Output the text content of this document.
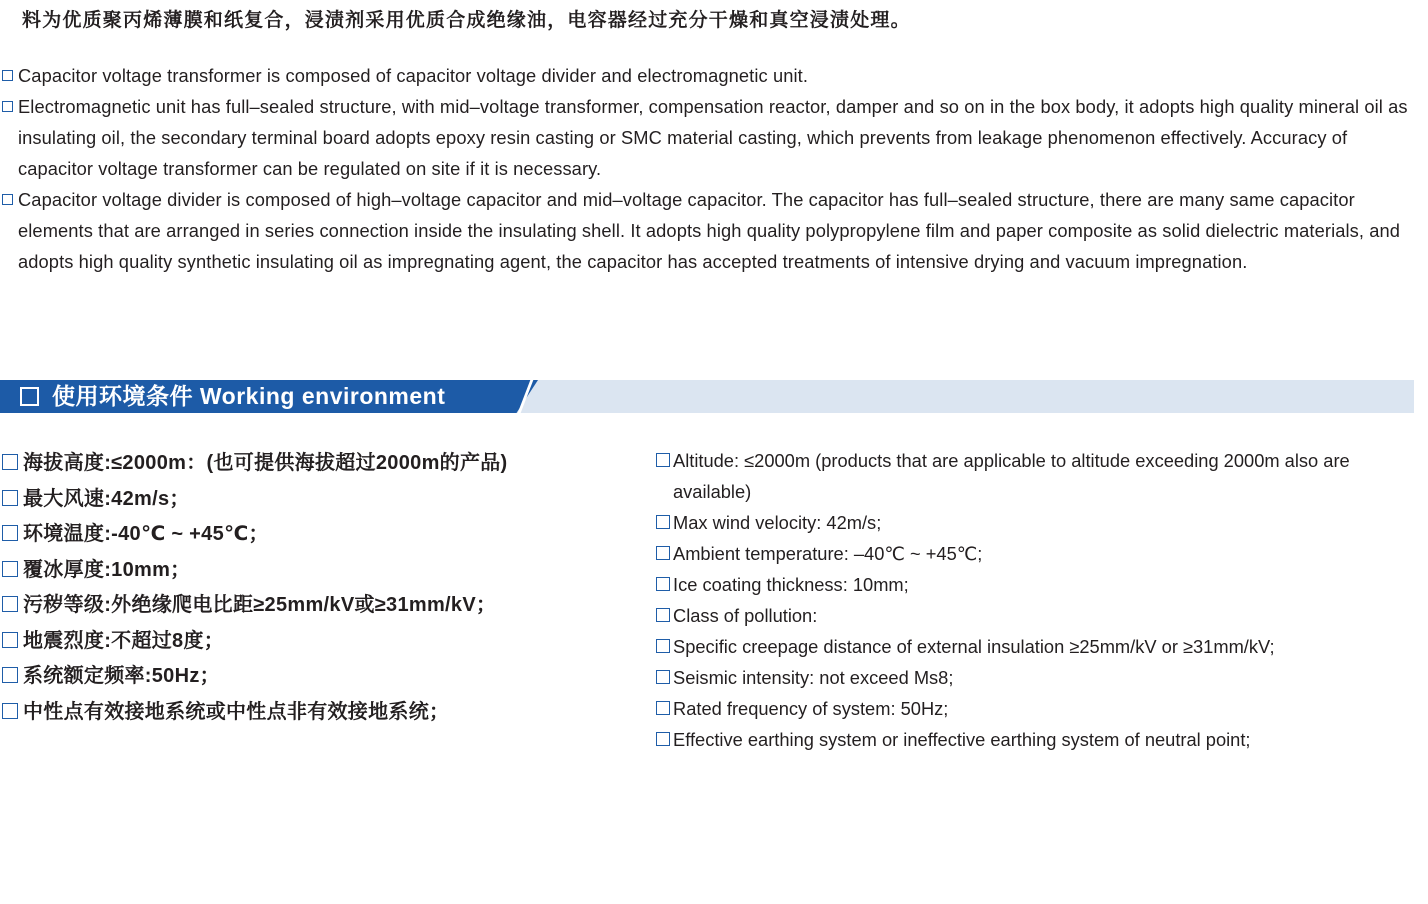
料为优质聚丙烯薄膜和纸复合，浸渍剂采用优质合成绝缘油，电容器经过充分干燥和真空浸渍处理。

Capacitor voltage transformer is composed of capacitor voltage divider and electromagnetic unit.

Electromagnetic unit has full–sealed structure, with mid–voltage transformer, compensation reactor, damper and so on in the box body, it adopts high quality mineral oil as insulating oil, the secondary terminal board adopts epoxy resin casting or SMC material casting, which prevents from leakage phenomenon effectively. Accuracy of capacitor voltage transformer can be regulated on site if it is necessary.

Capacitor voltage divider is composed of high–voltage capacitor and mid–voltage capacitor. The capacitor has full–sealed structure, there are many same capacitor elements that are arranged in series connection inside the insulating shell. It adopts high quality polypropylene film and paper composite as solid dielectric materials, and adopts high quality synthetic insulating oil as impregnating agent, the capacitor has accepted treatments of intensive drying and vacuum impregnation.

使用环境条件 Working environment
海拔高度:≤2000m：(也可提供海拔超过2000m的产品)
最大风速:42m/s；
环境温度:-40℃ ~ +45℃；
覆冰厚度:10mm；
污秽等级:外绝缘爬电比距≥25mm/kV或≥31mm/kV；
地震烈度:不超过8度；
系统额定频率:50Hz；
中性点有效接地系统或中性点非有效接地系统；
Altitude: ≤2000m (products that are applicable to altitude exceeding 2000m also are available)
Max wind velocity: 42m/s;
Ambient temperature: –40℃ ~ +45℃;
Ice coating thickness: 10mm;
Class of pollution:
Specific creepage distance of external insulation ≥25mm/kV or ≥31mm/kV;
Seismic intensity: not exceed Ms8;
Rated frequency of system: 50Hz;
Effective earthing system or ineffective earthing system of neutral point;
